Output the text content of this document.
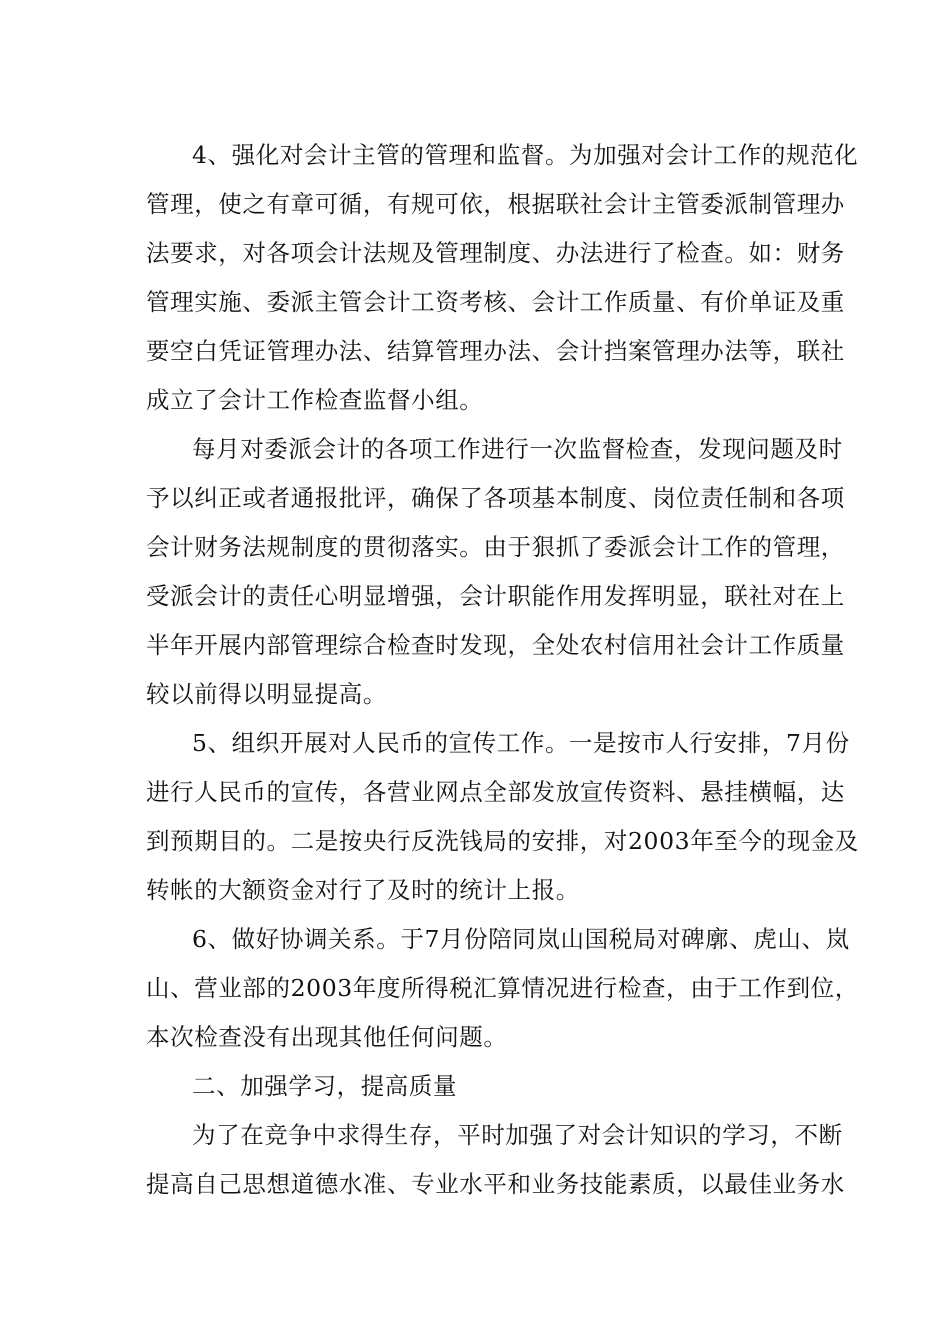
4、强化对会计主管的管理和监督。为加强对会计工作的规范化
管理，使之有章可循，有规可依，根据联社会计主管委派制管理办
法要求，对各项会计法规及管理制度、办法进行了检查。如：财务
管理实施、委派主管会计工资考核、会计工作质量、有价单证及重
要空白凭证管理办法、结算管理办法、会计挡案管理办法等，联社
成立了会计工作检查监督小组。
每月对委派会计的各项工作进行一次监督检查，发现问题及时
予以纠正或者通报批评，确保了各项基本制度、岗位责任制和各项
会计财务法规制度的贯彻落实。由于狠抓了委派会计工作的管理，
受派会计的责任心明显增强，会计职能作用发挥明显，联社对在上
半年开展内部管理综合检查时发现，全处农村信用社会计工作质量
较以前得以明显提高。
5、组织开展对人民币的宣传工作。一是按市人行安排，7月份
进行人民币的宣传，各营业网点全部发放宣传资料、悬挂横幅，达
到预期目的。二是按央行反洗钱局的安排，对2003年至今的现金及
转帐的大额资金对行了及时的统计上报。
6、做好协调关系。于7月份陪同岚山国税局对碑廓、虎山、岚
山、营业部的2003年度所得税汇算情况进行检查，由于工作到位，
本次检查没有出现其他任何问题。
二、加强学习，提高质量
为了在竞争中求得生存，平时加强了对会计知识的学习，不断
提高自己思想道德水准、专业水平和业务技能素质，以最佳业务水
